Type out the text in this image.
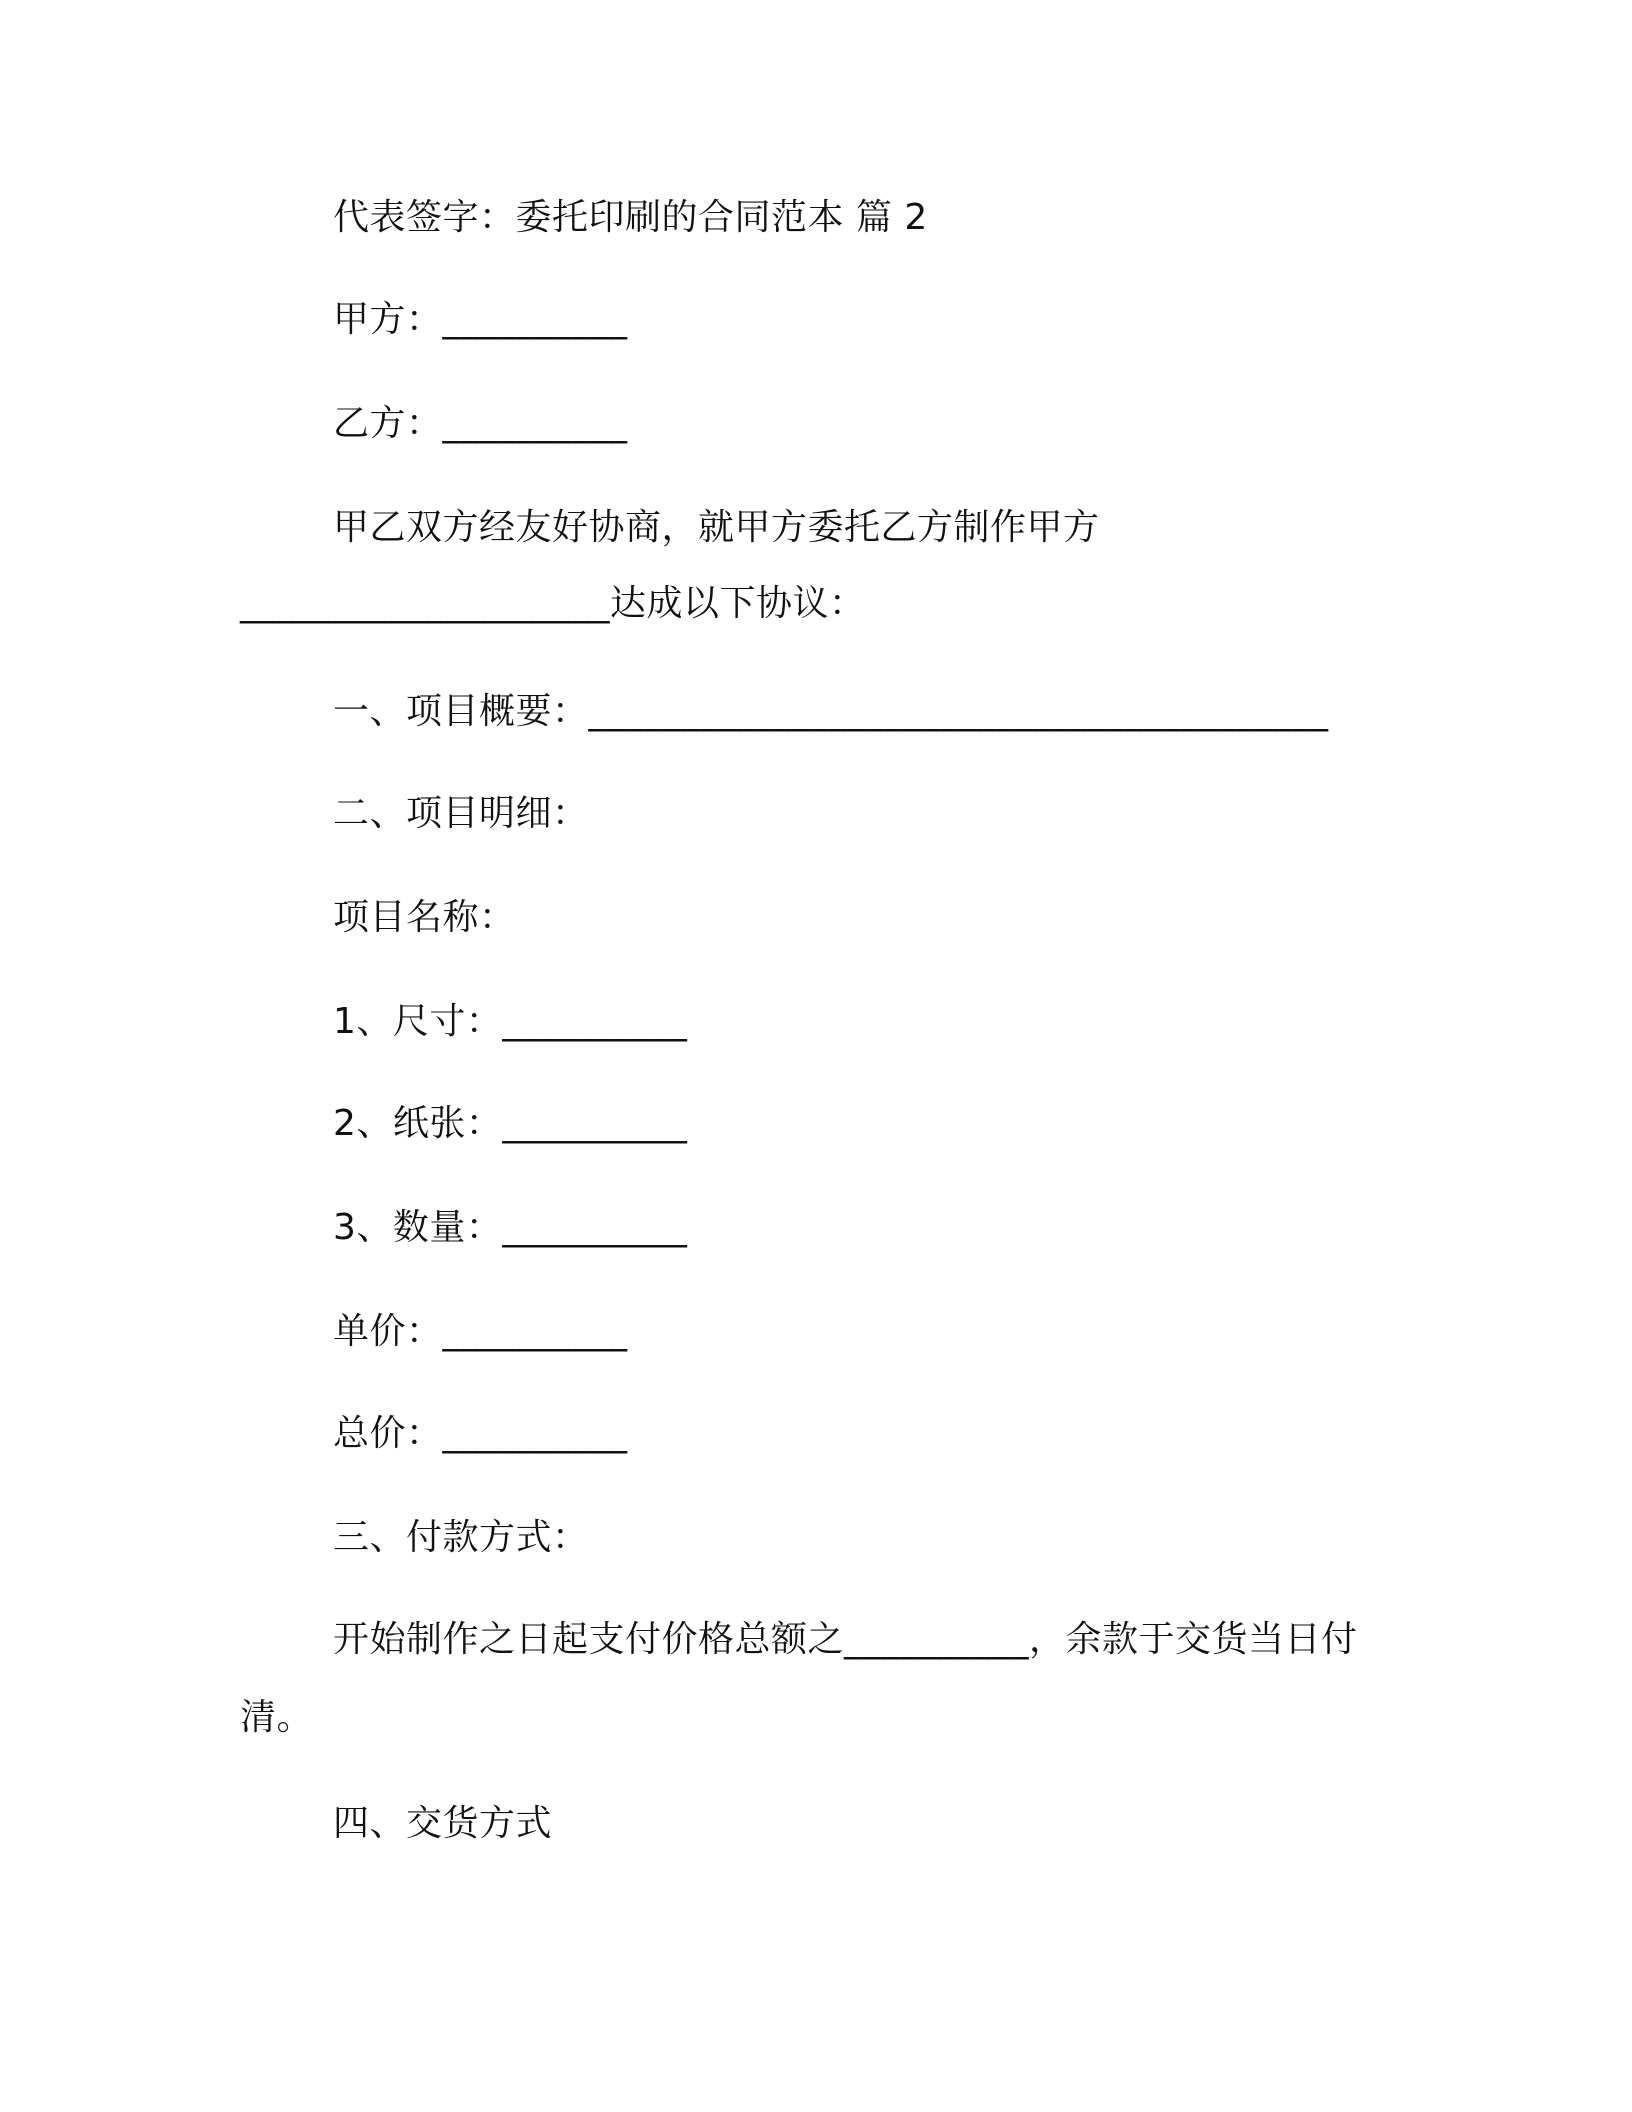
代表签字：委托印刷的合同范本 篇 2
甲方：__________
乙方：__________
甲乙双方经友好协商，就甲方委托乙方制作甲方
____________________达成以下协议：
一、项目概要：________________________________________
二、项目明细：
项目名称：
1、尺寸：__________
2、纸张：__________
3、数量：__________
单价：__________
总价：__________
三、付款方式：
开始制作之日起支付价格总额之__________，余款于交货当日付
清。
四、交货方式
